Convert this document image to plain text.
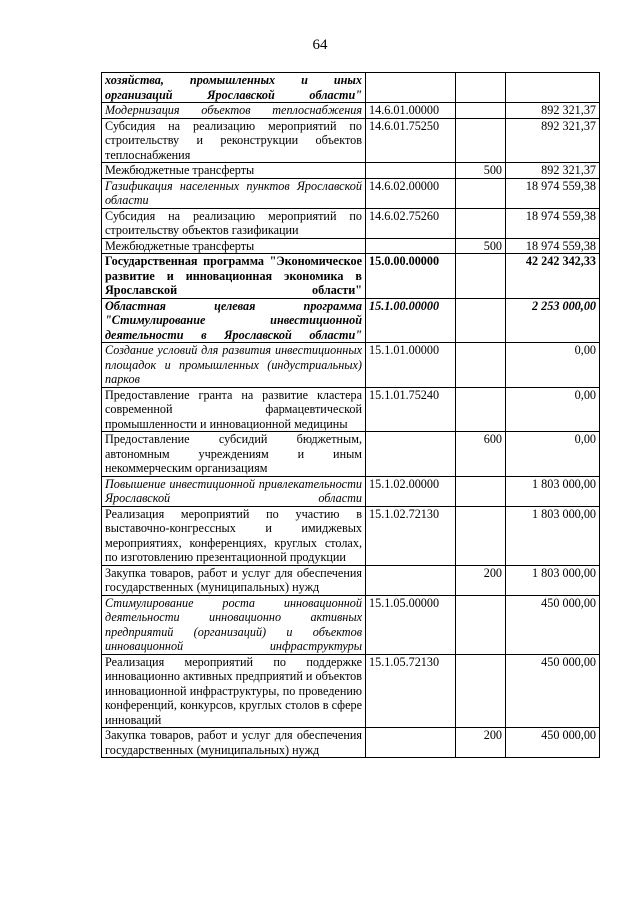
64
хозяйства, промышленных и иных организаций Ярославской области"			
Модернизация объектов теплоснабжения	14.6.01.00000		892 321,37
Субсидия на реализацию мероприятий по строительству и реконструкции объектов теплоснабжения	14.6.01.75250		892 321,37
Межбюджетные трансферты		500	892 321,37
Газификация населенных пунктов Ярославской области	14.6.02.00000		18 974 559,38
Субсидия на реализацию мероприятий по строительству объектов газификации	14.6.02.75260		18 974 559,38
Межбюджетные трансферты		500	18 974 559,38
Государственная программа "Экономическое развитие и инновационная экономика в Ярославской области"	15.0.00.00000		42 242 342,33
Областная целевая программа "Стимулирование инвестиционной деятельности в Ярославской области"	15.1.00.00000		2 253 000,00
Создание условий для развития инвестиционных площадок и промышленных (индустриальных) парков	15.1.01.00000		0,00
Предоставление гранта на развитие кластера современной фармацевтической промышленности и инновационной медицины	15.1.01.75240		0,00
Предоставление субсидий бюджетным, автономным учреждениям и иным некоммерческим организациям		600	0,00
Повышение инвестиционной привлекательности Ярославской области	15.1.02.00000		1 803 000,00
Реализация мероприятий по участию в выставочно-конгрессных и имиджевых мероприятиях, конференциях, круглых столах, по изготовлению презентационной продукции	15.1.02.72130		1 803 000,00
Закупка товаров, работ и услуг для обеспечения государственных (муниципальных) нужд		200	1 803 000,00
Стимулирование роста инновационной деятельности инновационно активных предприятий (организаций) и объектов инновационной инфраструктуры	15.1.05.00000		450 000,00
Реализация мероприятий по поддержке инновационно активных предприятий и объектов инновационной инфраструктуры, по проведению конференций, конкурсов, круглых столов в сфере инноваций	15.1.05.72130		450 000,00
Закупка товаров, работ и услуг для обеспечения государственных (муниципальных) нужд		200	450 000,00
